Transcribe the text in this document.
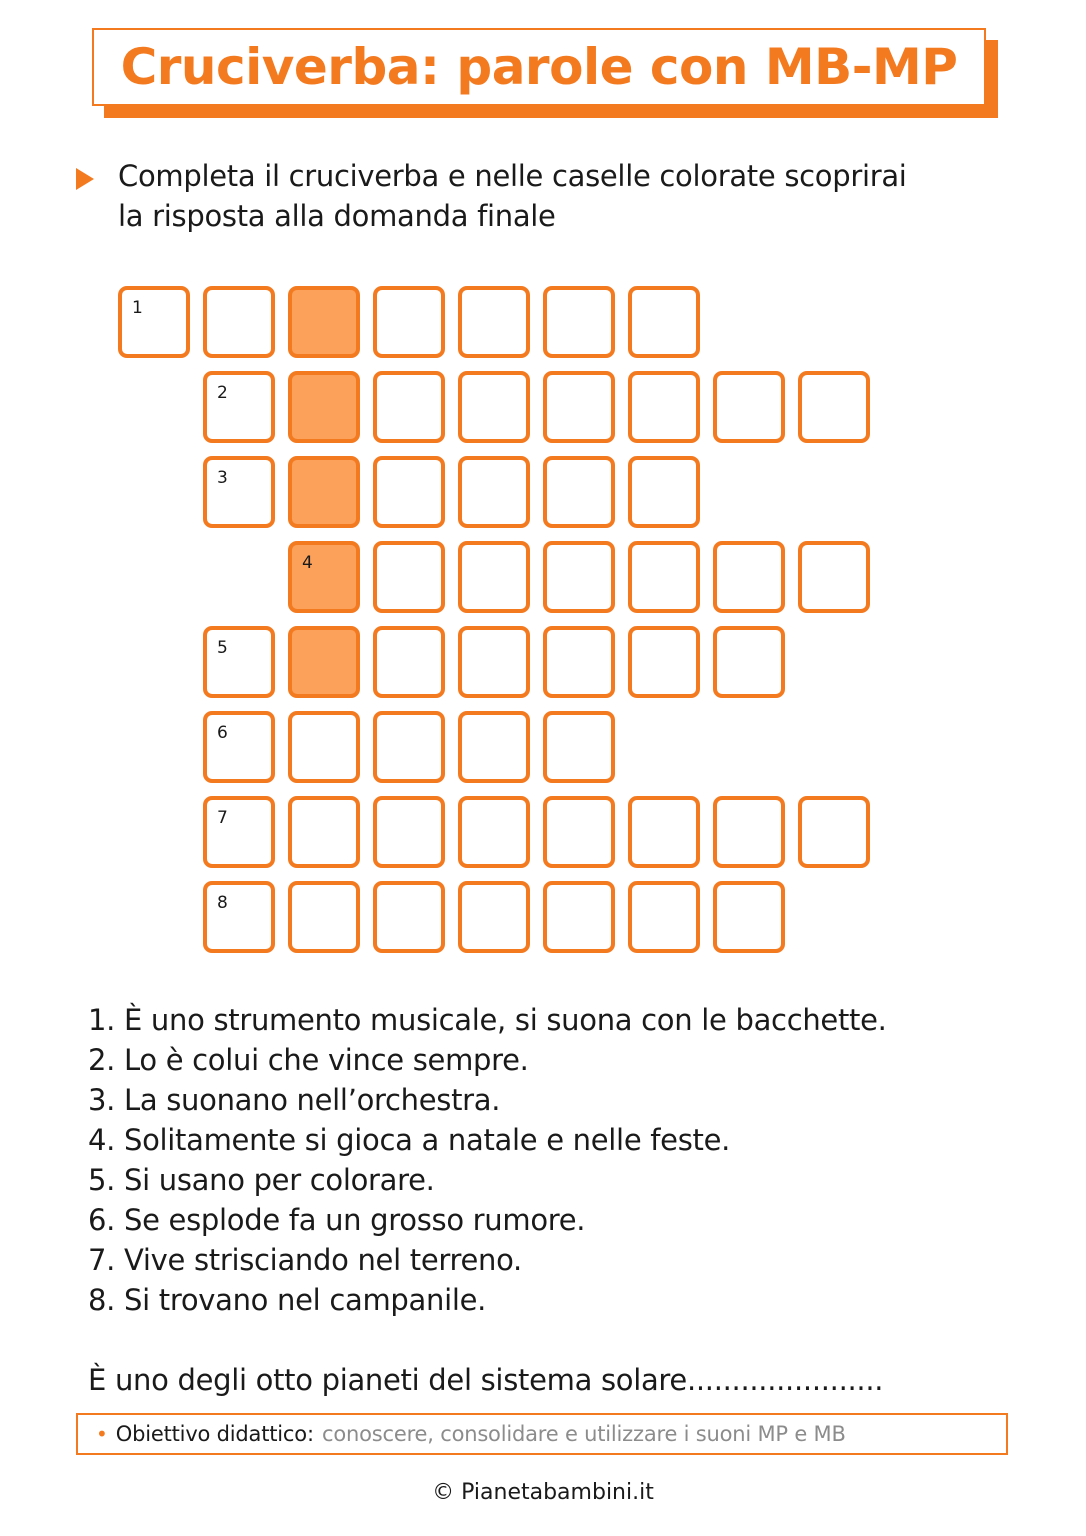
Cruciverba: parole con MB-MP
Completa il cruciverba e nelle caselle colorate scoprirai
la risposta alla domanda finale
1
2
3
4
5
6
7
8
1. È uno strumento musicale, si suona con le bacchette.
2. Lo è colui che vince sempre.
3. La suonano nell’orchestra.
4. Solitamente si gioca a natale e nelle feste.
5. Si usano per colorare.
6. Se esplode fa un grosso rumore.
7. Vive strisciando nel terreno.
8. Si trovano nel campanile.
È uno degli otto pianeti del sistema solare......................
• Obiettivo didattico : conoscere, consolidare e utilizzare i suoni MP e MB
© Pianetabambini.it
